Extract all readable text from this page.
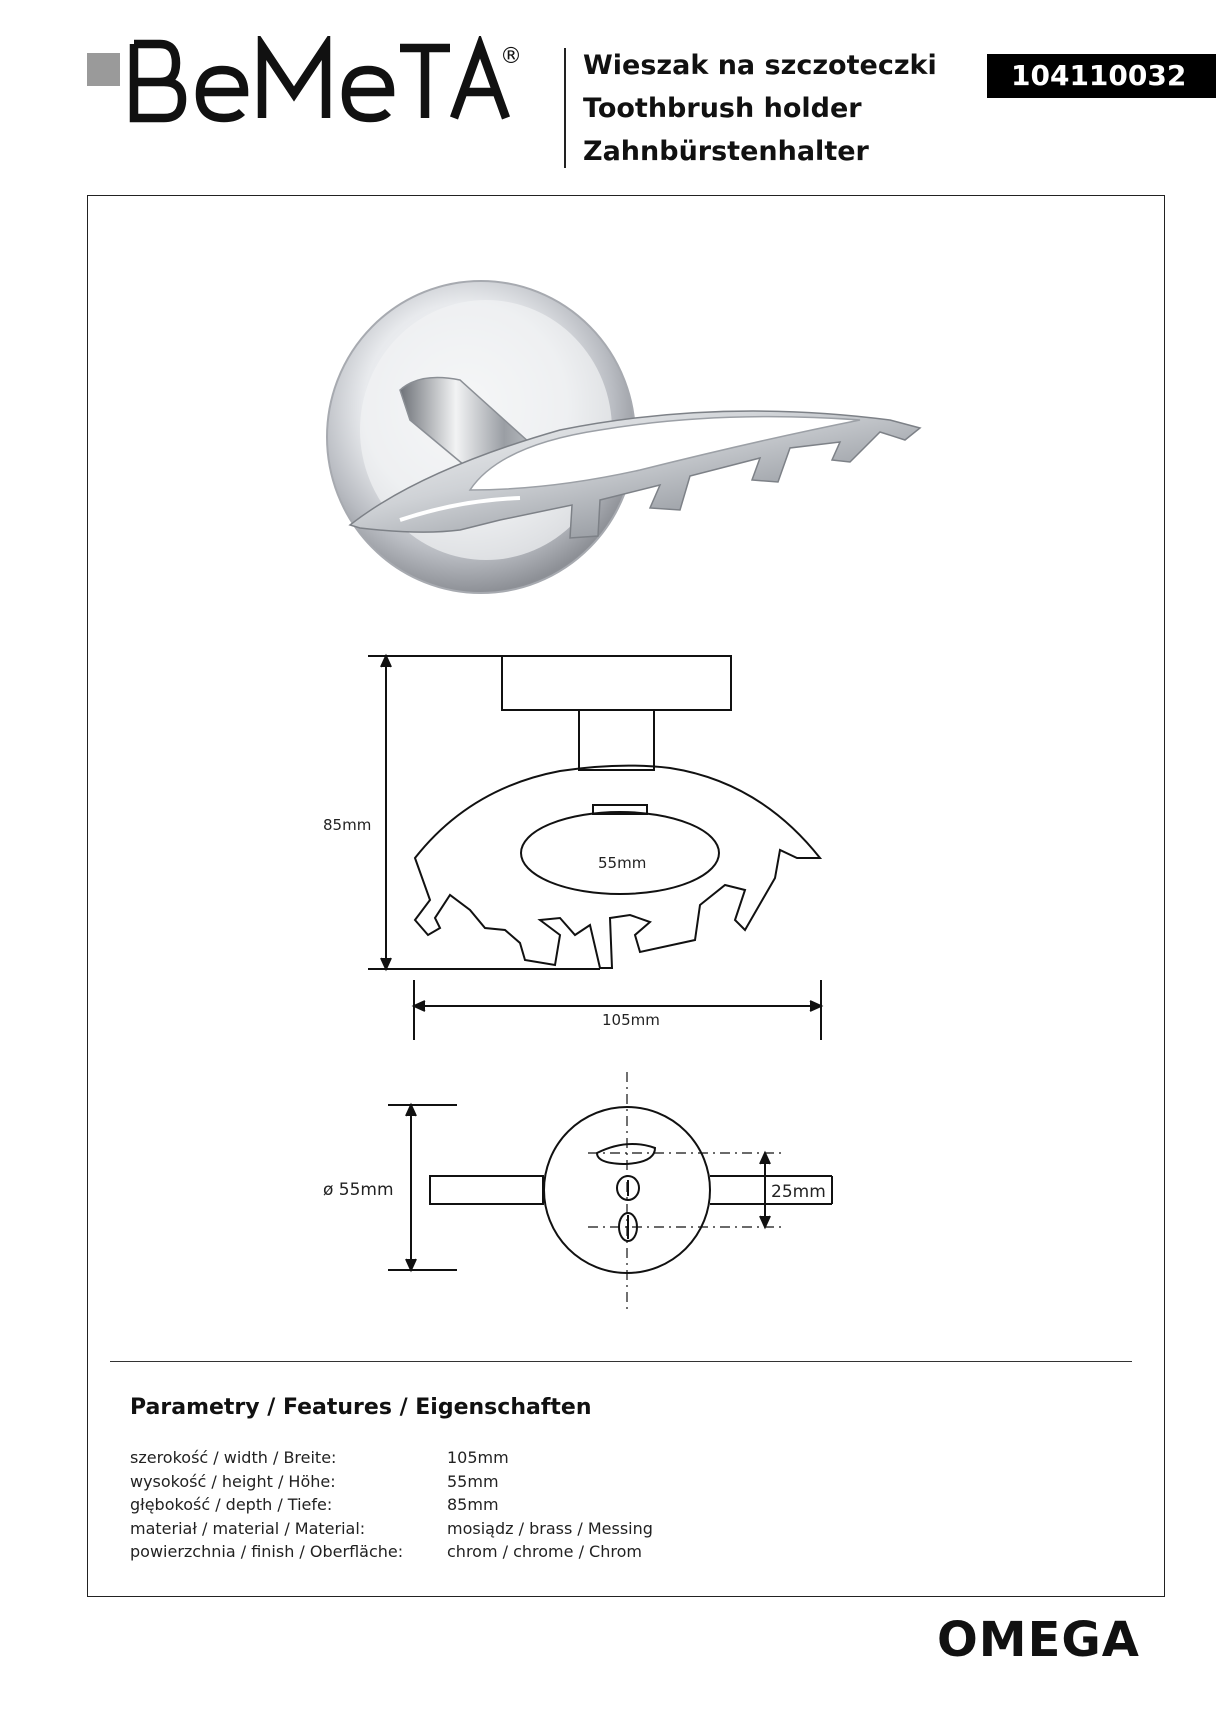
® Wieszak na szczoteczki
Toothbrush holder
Zahnbürstenhalter
104110032
85mm
55mm
105mm
ø 55mm	25mm
Parametry / Features / Eigenschaften
szerokość / width / Breite:	105mm
wysokość / height / Höhe:	55mm
głębokość / depth / Tiefe:	85mm
materiał / material / Material:	mosiądz / brass / Messing
powierzchnia / finish / Oberfläche:	chrom / chrome / Chrom
OMEGA
